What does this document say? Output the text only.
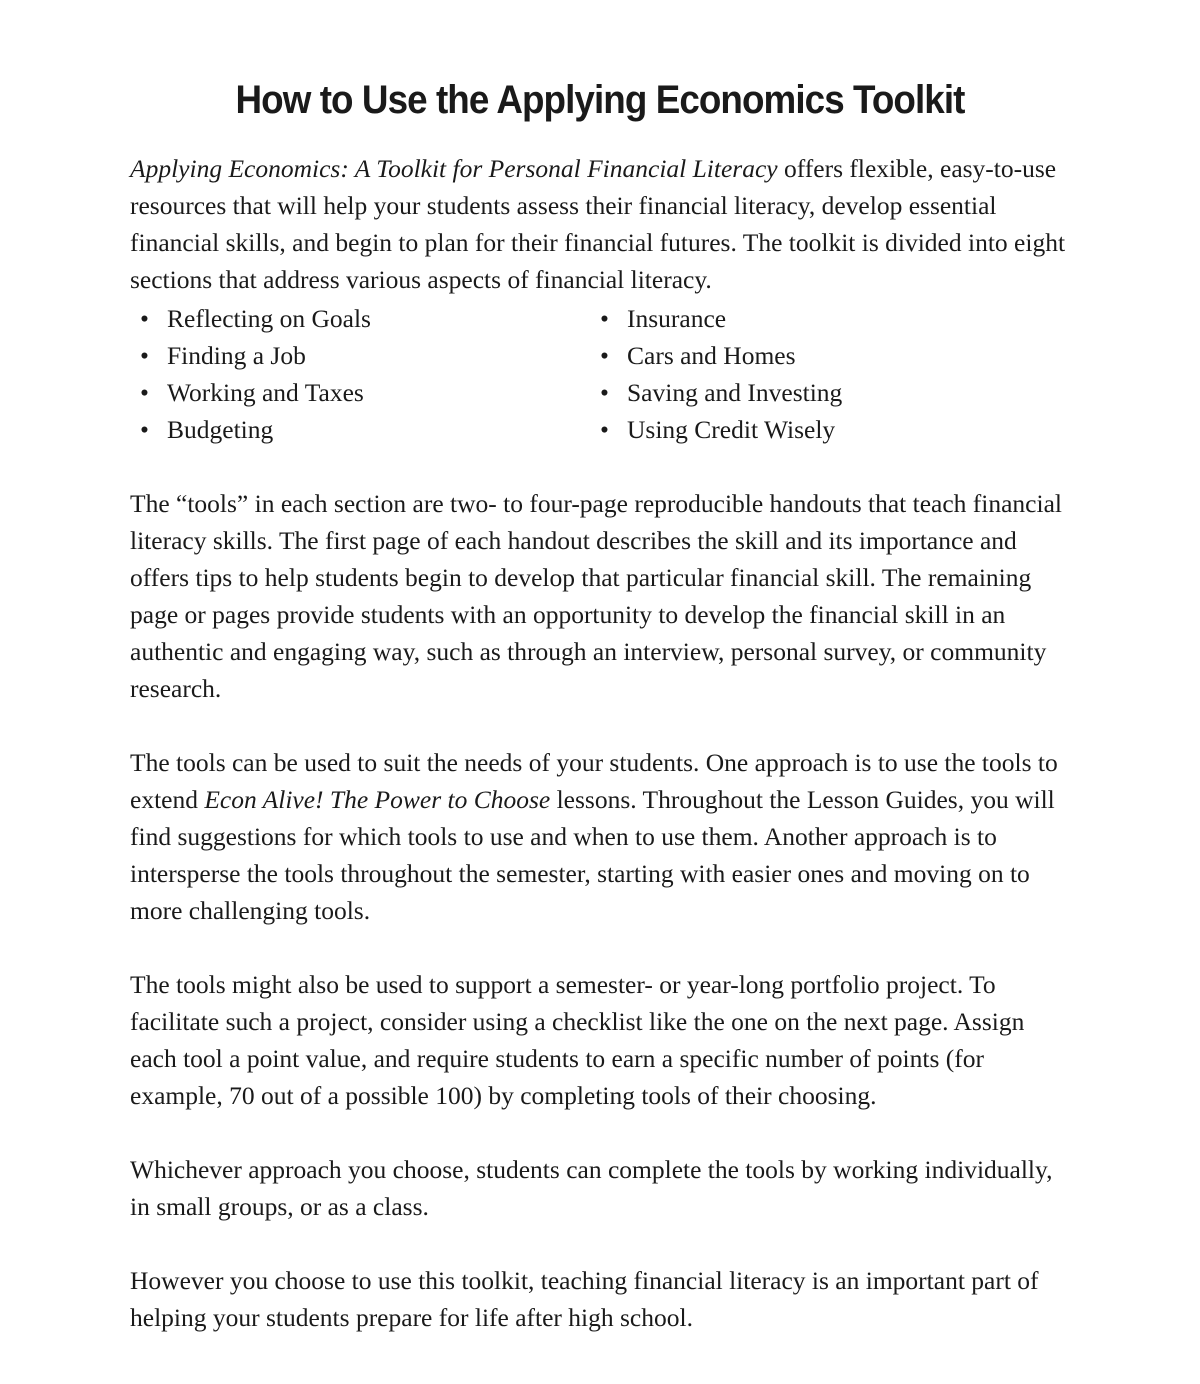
How to Use the Applying Economics Toolkit

Applying Economics: A Toolkit for Personal Financial Literacy offers flexible, easy-to-use resources that will help your students assess their financial literacy, develop essential financial skills, and begin to plan for their financial futures. The toolkit is divided into eight sections that address various aspects of financial literacy.

• Reflecting on Goals
• Finding a Job
• Working and Taxes
• Budgeting
• Insurance
• Cars and Homes
• Saving and Investing
• Using Credit Wisely

The “tools” in each section are two- to four-page reproducible handouts that teach financial literacy skills. The first page of each handout describes the skill and its importance and offers tips to help students begin to develop that particular financial skill. The remaining page or pages provide students with an opportunity to develop the financial skill in an authentic and engaging way, such as through an interview, personal survey, or community research.

The tools can be used to suit the needs of your students. One approach is to use the tools to extend Econ Alive! The Power to Choose lessons. Throughout the Lesson Guides, you will find suggestions for which tools to use and when to use them. Another approach is to intersperse the tools throughout the semester, starting with easier ones and moving on to more challenging tools.

The tools might also be used to support a semester- or year-long portfolio project. To facilitate such a project, consider using a checklist like the one on the next page. Assign each tool a point value, and require students to earn a specific number of points (for example, 70 out of a possible 100) by completing tools of their choosing.

Whichever approach you choose, students can complete the tools by working individually, in small groups, or as a class.

However you choose to use this toolkit, teaching financial literacy is an important part of helping your students prepare for life after high school.
